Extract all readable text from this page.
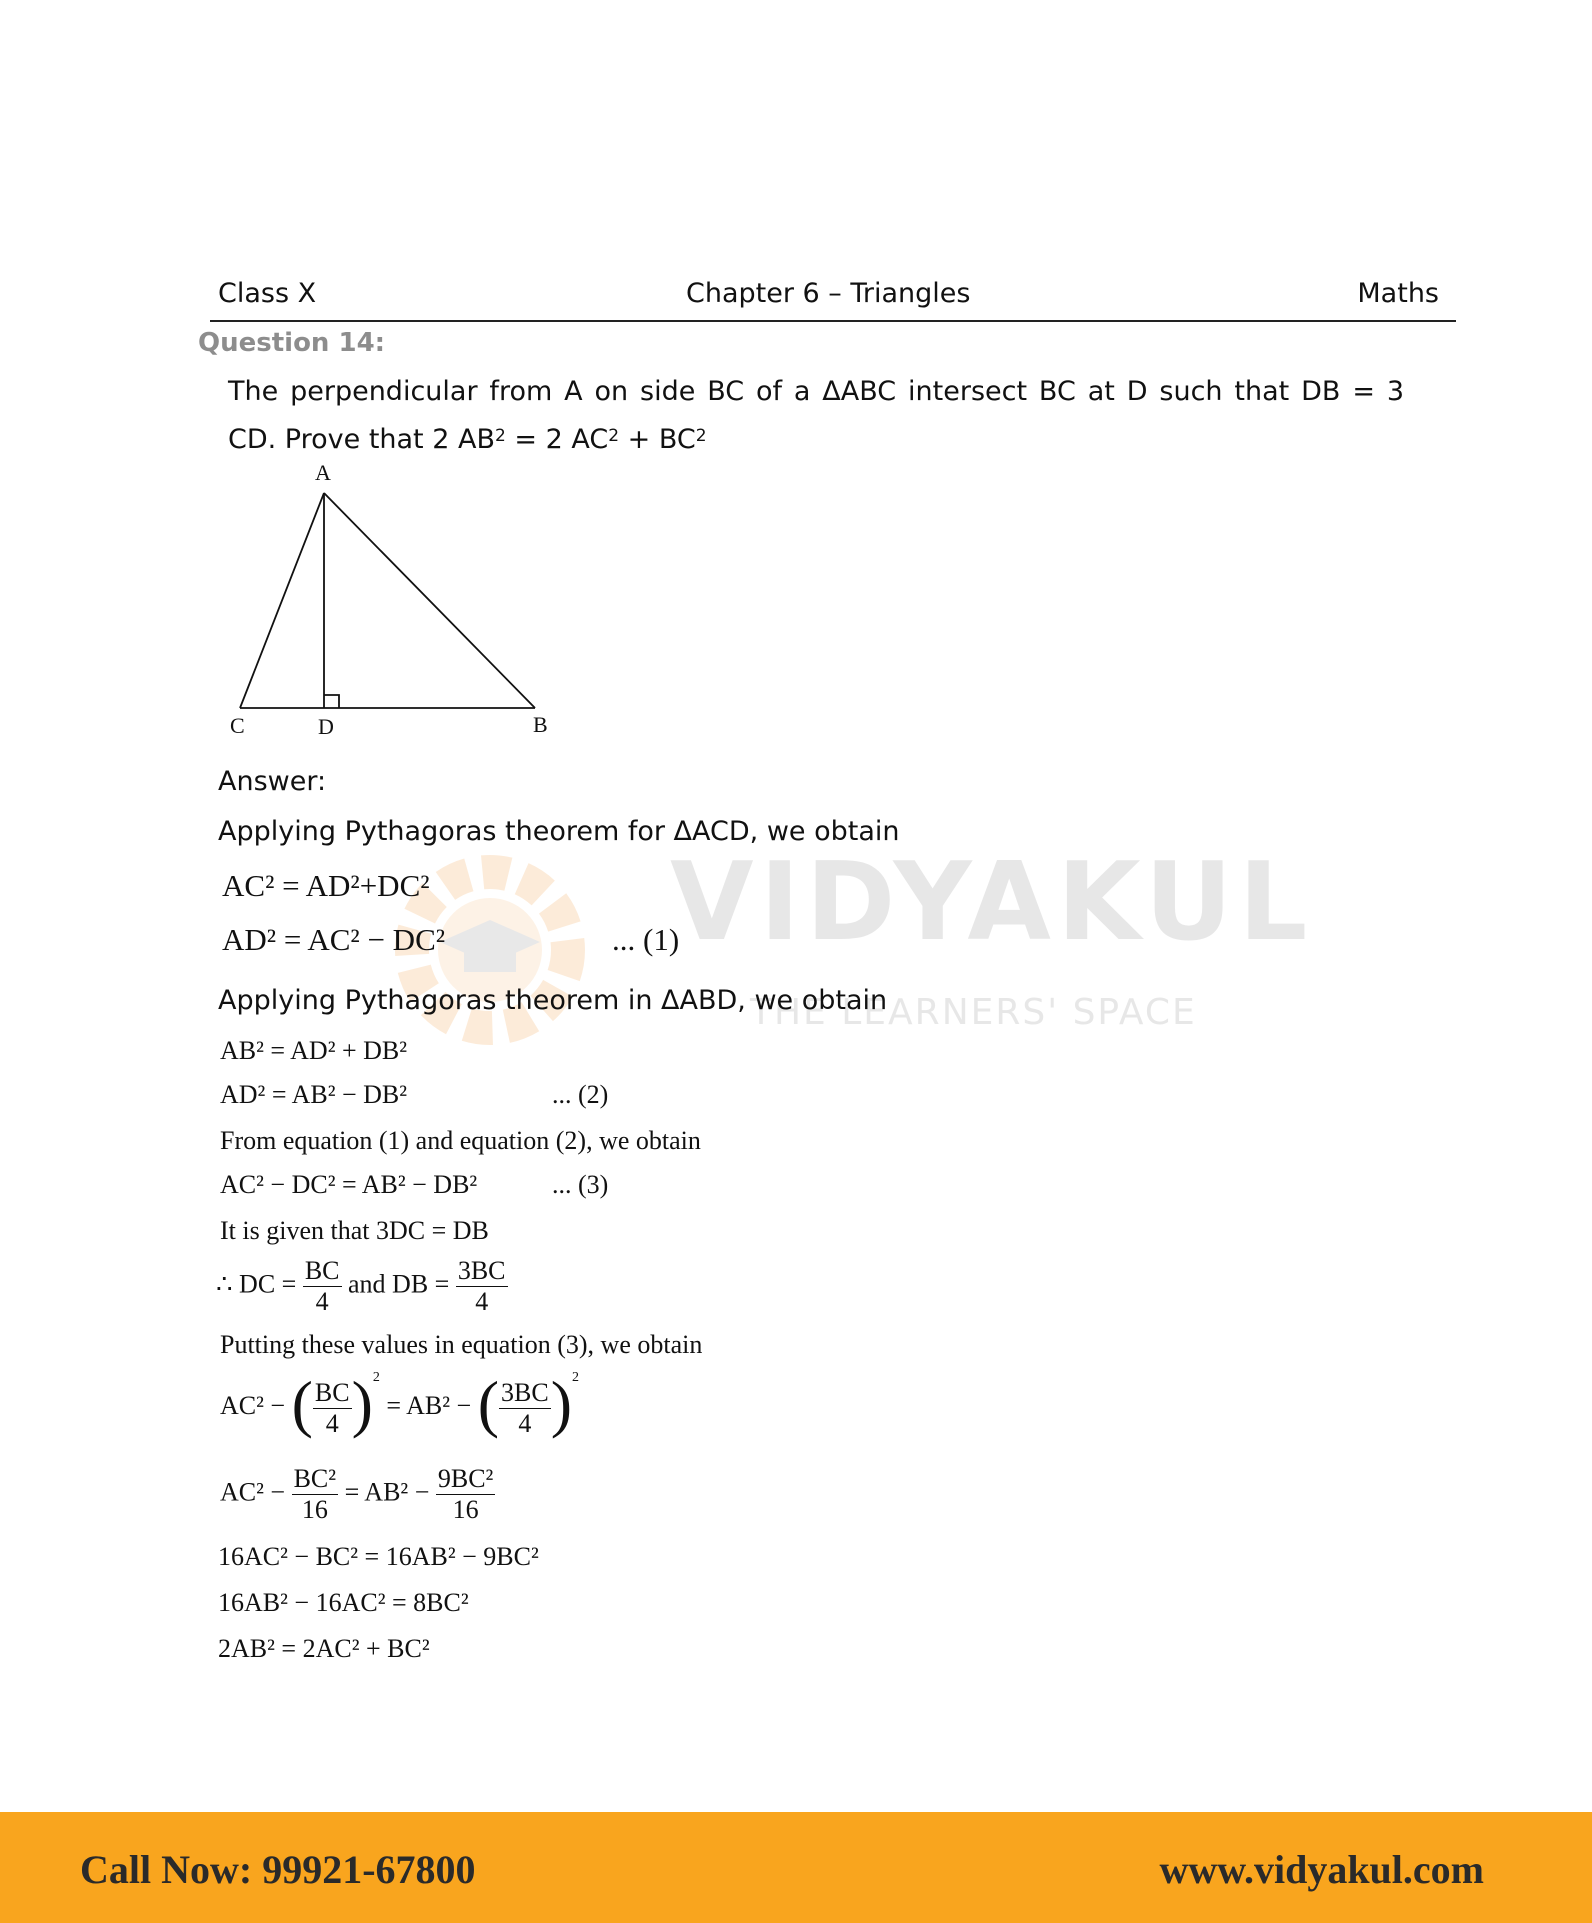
Class X	Chapter 6 – Triangles	Maths
Question 14:
The perpendicular from A on side BC of a ΔABC intersect BC at D such that DB = 3
CD. Prove that 2 $AB^2 = 2$ $AC^2 + BC^2$
A
C	D	B
VIDYAKUL
THE LEARNERS' SPACE
Answer:
Applying Pythagoras theorem for ΔACD, we obtain
AC² = AD²+DC²
AD² = AC² − DC²	... (1)
Applying Pythagoras theorem in ΔABD, we obtain
AB² = AD² + DB²
AD² = AB² − DB²	... (2)
From equation (1) and equation (2), we obtain
AC² − DC² = AB² − DB²	... (3)
It is given that 3DC = DB
∴ DC = $\frac{BC}{4}$ and DB = $\frac{3BC}{4}$
Putting these values in equation (3), we obtain
AC² − ( $\frac{BC}{4} )^2 = AB^2$ − ( $\frac{3BC}{4} )^2$
$AC^2 - \frac{\text{BC²}}{16} = AB^2 - \frac{\text{9BC²}}{16}$
16AC² − BC² = 16AB² − 9BC²
16AB² − 16AC² = 8BC²
2AB² = 2AC² + BC²
Call Now: 99921-67800	www.vidyakul.com
